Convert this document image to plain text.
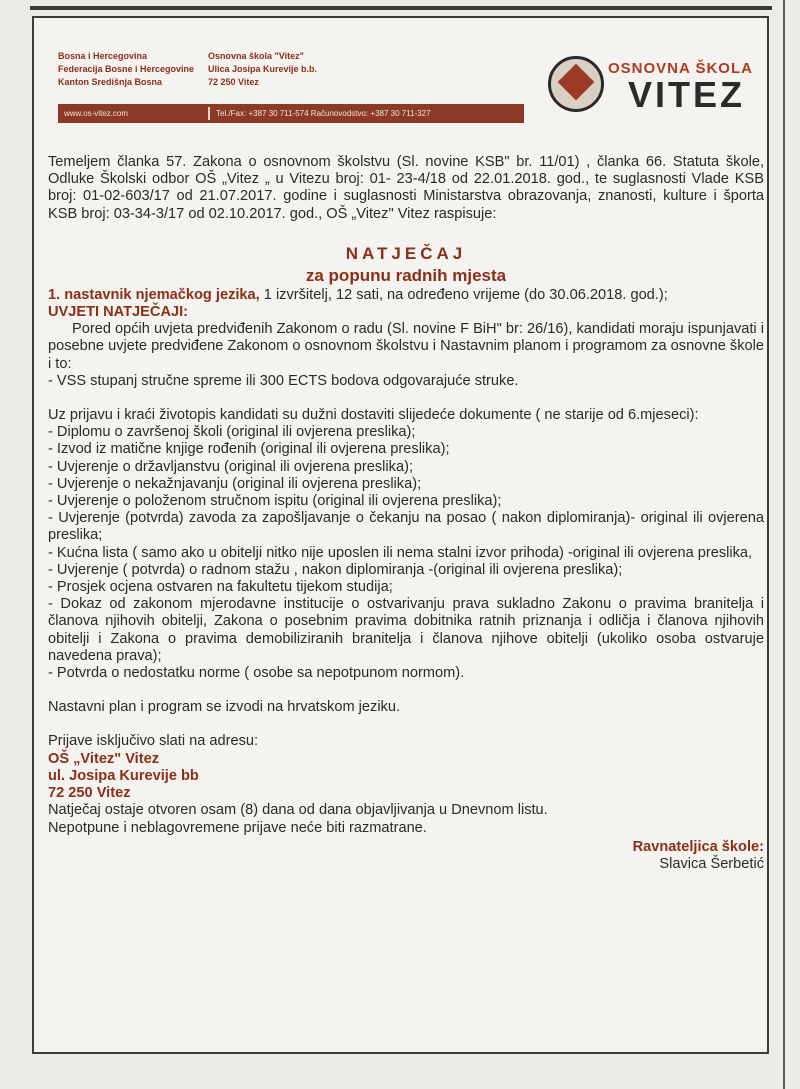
Bosna i Hercegovina
Federacija Bosne i Hercegovine
Kanton Središnja Bosna
Osnovna škola "Vitez"
Ulica Josipa Kurevije b.b.
72 250 Vitez
www.os-vitez.com	Tel./Fax: +387 30 711-574 Računovodstvo: +387 30 711-327
OSNOVNA ŠKOLA
VITEZ

Temeljem članka 57. Zakona o osnovnom školstvu (Sl. novine KSB" br. 11/01) , članka 66. Statuta škole, Odluke Školski odbor OŠ „Vitez „ u Vitezu broj: 01- 23-4/18 od 22.01.2018. god., te suglasnosti Vlade KSB broj: 01-02-603/17 od 21.07.2017. godine i suglasnosti Ministarstva obrazovanja, znanosti, kulture i športa KSB broj: 03-34-3/17 od 02.10.2017. god., OŠ „Vitez" Vitez raspisuje:

NATJEČAJ
za popunu radnih mjesta

1. nastavnik njemačkog jezika, 1 izvršitelj, 12 sati, na određeno vrijeme (do 30.06.2018. god.);

UVJETI NATJEČAJI:

Pored općih uvjeta predviđenih Zakonom o radu (Sl. novine F BiH" br: 26/16), kandidati moraju ispunjavati i posebne uvjete predviđene Zakonom o osnovnom školstvu i Nastavnim planom i programom za osnovne škole i to:

- VSS stupanj stručne spreme ili 300 ECTS bodova odgovarajuće struke.

Uz prijavu i kraći životopis kandidati su dužni dostaviti slijedeće dokumente ( ne starije od 6.mjeseci):

- Diplomu o završenoj školi (original ili ovjerena preslika);
- Izvod iz matične knjige rođenih (original ili ovjerena preslika);
- Uvjerenje o državljanstvu (original ili ovjerena preslika);
- Uvjerenje o nekažnjavanju (original ili ovjerena preslika);
- Uvjerenje o položenom stručnom ispitu (original ili ovjerena preslika);
- Uvjerenje (potvrda) zavoda za zapošljavanje o čekanju na posao ( nakon diplomiranja)- original ili ovjerena preslika;
- Kućna lista ( samo ako u obitelji nitko nije uposlen ili nema stalni izvor prihoda) -original ili ovjerena preslika,
- Uvjerenje ( potvrda) o radnom stažu , nakon diplomiranja -(original ili ovjerena preslika);
- Prosjek ocjena ostvaren na fakultetu tijekom studija;
- Dokaz od zakonom mjerodavne institucije o ostvarivanju prava sukladno Zakonu o pravima branitelja i članova njihovih obitelji, Zakona o posebnim pravima dobitnika ratnih priznanja i odličja i članova njihovih obitelji i Zakona o pravima demobiliziranih branitelja i članova njihove obitelji (ukoliko osoba ostvaruje navedena prava);
- Potvrda o nedostatku norme ( osobe sa nepotpunom normom).

Nastavni plan i program se izvodi na hrvatskom jeziku.

Prijave isključivo slati na adresu:

OŠ „Vitez" Vitez

ul. Josipa Kurevije bb

72 250 Vitez

Natječaj ostaje otvoren osam (8) dana od dana objavljivanja u Dnevnom listu.

Nepotpune i neblagovremene prijave neće biti razmatrane.

Ravnateljica škole:
Slavica Šerbetić
